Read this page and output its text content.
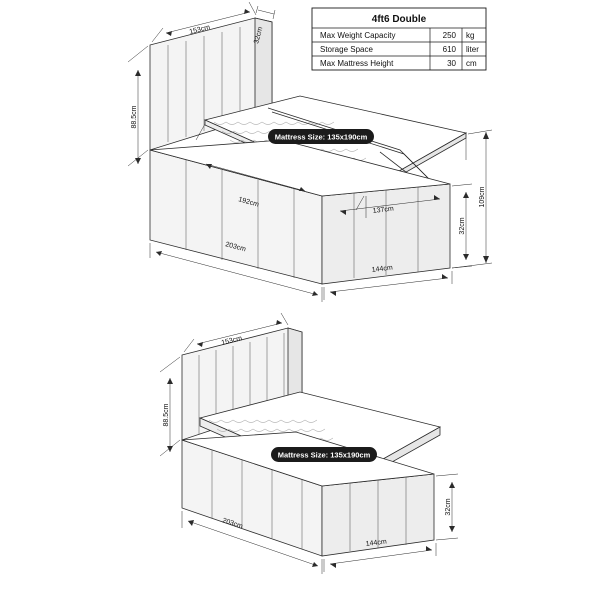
153cm	32cm
88.5cm
203cm
144cm
192cm
137cm
109cm
32cm
Mattress Size: 135x190cm
4ft6 Double
Max Weight Capacity	250 kg
Storage Space	610 liter
Max Mattress Height	30 cm
153cm
88.5cm
203cm
144cm
32cm
Mattress Size: 135x190cm
